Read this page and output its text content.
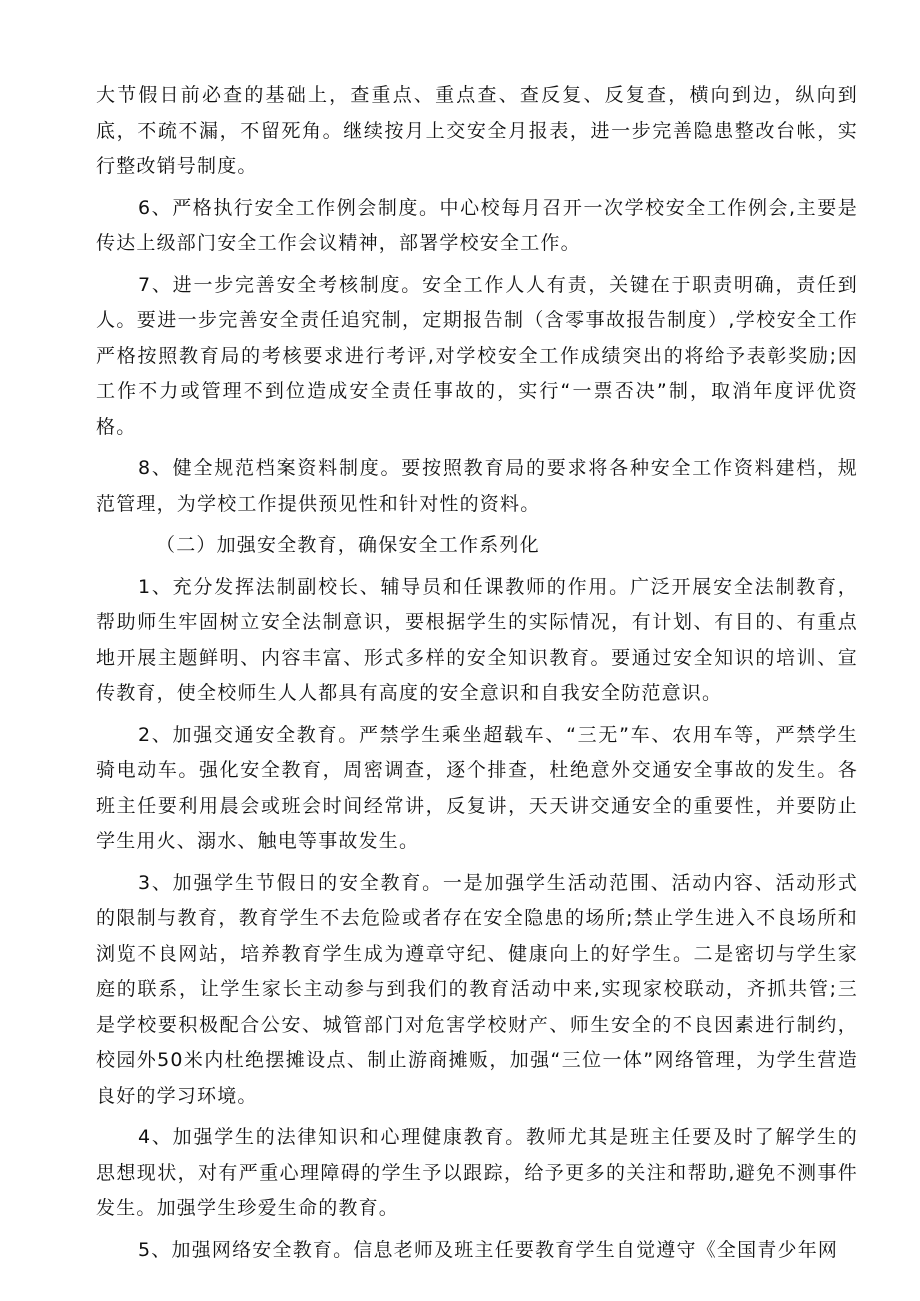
大节假日前必查的基础上，查重点、重点查、查反复、反复查，横向到边，纵向到底，不疏不漏，不留死角。继续按月上交安全月报表，进一步完善隐患整改台帐，实行整改销号制度。

6、严格执行安全工作例会制度。中心校每月召开一次学校安全工作例会,主要是传达上级部门安全工作会议精神，部署学校安全工作。

7、进一步完善安全考核制度。安全工作人人有责，关键在于职责明确，责任到人。要进一步完善安全责任追究制，定期报告制（含零事故报告制度）,学校安全工作严格按照教育局的考核要求进行考评,对学校安全工作成绩突出的将给予表彰奖励;因工作不力或管理不到位造成安全责任事故的，实行“一票否决”制，取消年度评优资格。

8、健全规范档案资料制度。要按照教育局的要求将各种安全工作资料建档，规范管理，为学校工作提供预见性和针对性的资料。

（二）加强安全教育，确保安全工作系列化

1、充分发挥法制副校长、辅导员和任课教师的作用。广泛开展安全法制教育，帮助师生牢固树立安全法制意识，要根据学生的实际情况，有计划、有目的、有重点地开展主题鲜明、内容丰富、形式多样的安全知识教育。要通过安全知识的培训、宣传教育，使全校师生人人都具有高度的安全意识和自我安全防范意识。

2、加强交通安全教育。严禁学生乘坐超载车、“三无”车、农用车等，严禁学生骑电动车。强化安全教育，周密调查，逐个排查，杜绝意外交通安全事故的发生。各班主任要利用晨会或班会时间经常讲，反复讲，天天讲交通安全的重要性，并要防止学生用火、溺水、触电等事故发生。

3、加强学生节假日的安全教育。一是加强学生活动范围、活动内容、活动形式的限制与教育，教育学生不去危险或者存在安全隐患的场所;禁止学生进入不良场所和浏览不良网站，培养教育学生成为遵章守纪、健康向上的好学生。二是密切与学生家庭的联系，让学生家长主动参与到我们的教育活动中来,实现家校联动，齐抓共管;三是学校要积极配合公安、城管部门对危害学校财产、师生安全的不良因素进行制约，校园外50米内杜绝摆摊设点、制止游商摊贩，加强“三位一体”网络管理，为学生营造良好的学习环境。

4、加强学生的法律知识和心理健康教育。教师尤其是班主任要及时了解学生的思想现状，对有严重心理障碍的学生予以跟踪，给予更多的关注和帮助,避免不测事件发生。加强学生珍爱生命的教育。

5、加强网络安全教育。信息老师及班主任要教育学生自觉遵守《全国青少年网
